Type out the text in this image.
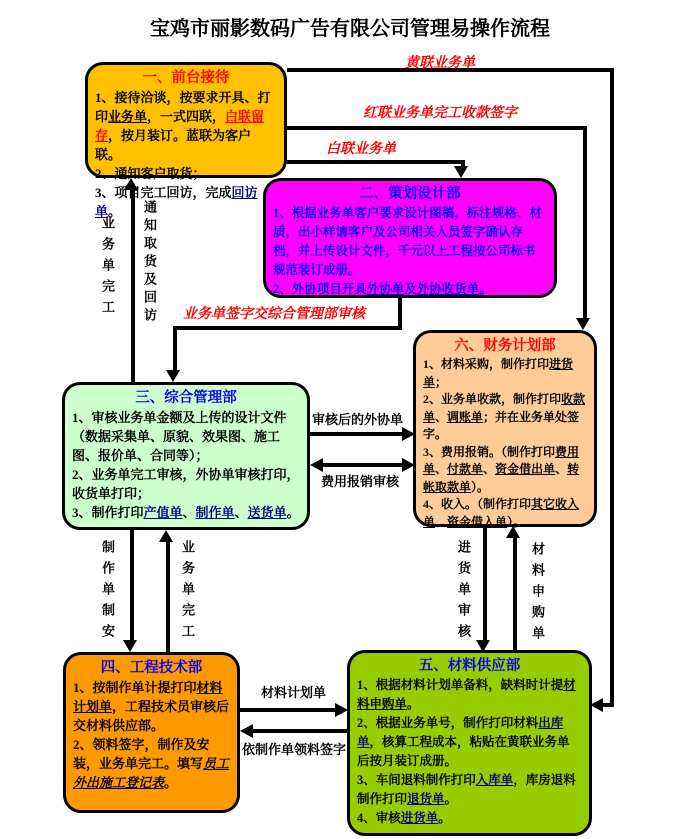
宝鸡市丽影数码广告有限公司管理易操作流程
黄联业务单
红联业务单完工收款签字
白联业务单
业务单签字交综合管理部审核
审核后的外协单
费用报销审核
材料计划单
依制作单领料签字
业务单完工 通知取货及回访
制作单制安	业务单完工	进货单审核	材料申购单
一、前台接待
1、接待洽谈，按要求开具、打印业务单，一式四联，白联留存，按月装订。蓝联为客户联。
2、通知客户取货；
3、项目完工回访，完成回访单。
二、策划设计部
1、根据业务单客户要求设计图稿，标注规格、材质，出小样请客户及公司相关人员签字确认存档，并上传设计文件，千元以上工程按公司标书规范装订成册。
2、外协项目开具外协单及外协收货单。
三、综合管理部
1、审核业务单金额及上传的设计文件（数据采集单、原貌、效果图、施工图、报价单、合同等）；
2、业务单完工审核，外协单审核打印，收货单打印；
3、制作打印产值单、制作单、送货单。
六、财务计划部
1、材料采购，制作打印进货单；
2、业务单收款，制作打印收款单、调账单；并在业务单处签字。
3、费用报销。（制作打印费用单、付款单、资金借出单、转帐取款单）。
4、收入。（制作打印其它收入单、资金借入单）。
四、工程技术部
1、按制作单计提打印材料计划单，工程技术员审核后交材料供应部。
2、领料签字，制作及安装，业务单完工。填写员工外出施工登记表。
五、材料供应部
1、根据材料计划单备料，缺料时计提材料申购单。
2、根据业务单号，制作打印材料出库单，核算工程成本，粘贴在黄联业务单后按月装订成册。
3、车间退料制作打印入库单，库房退料制作打印退货单。
4、审核进货单。
